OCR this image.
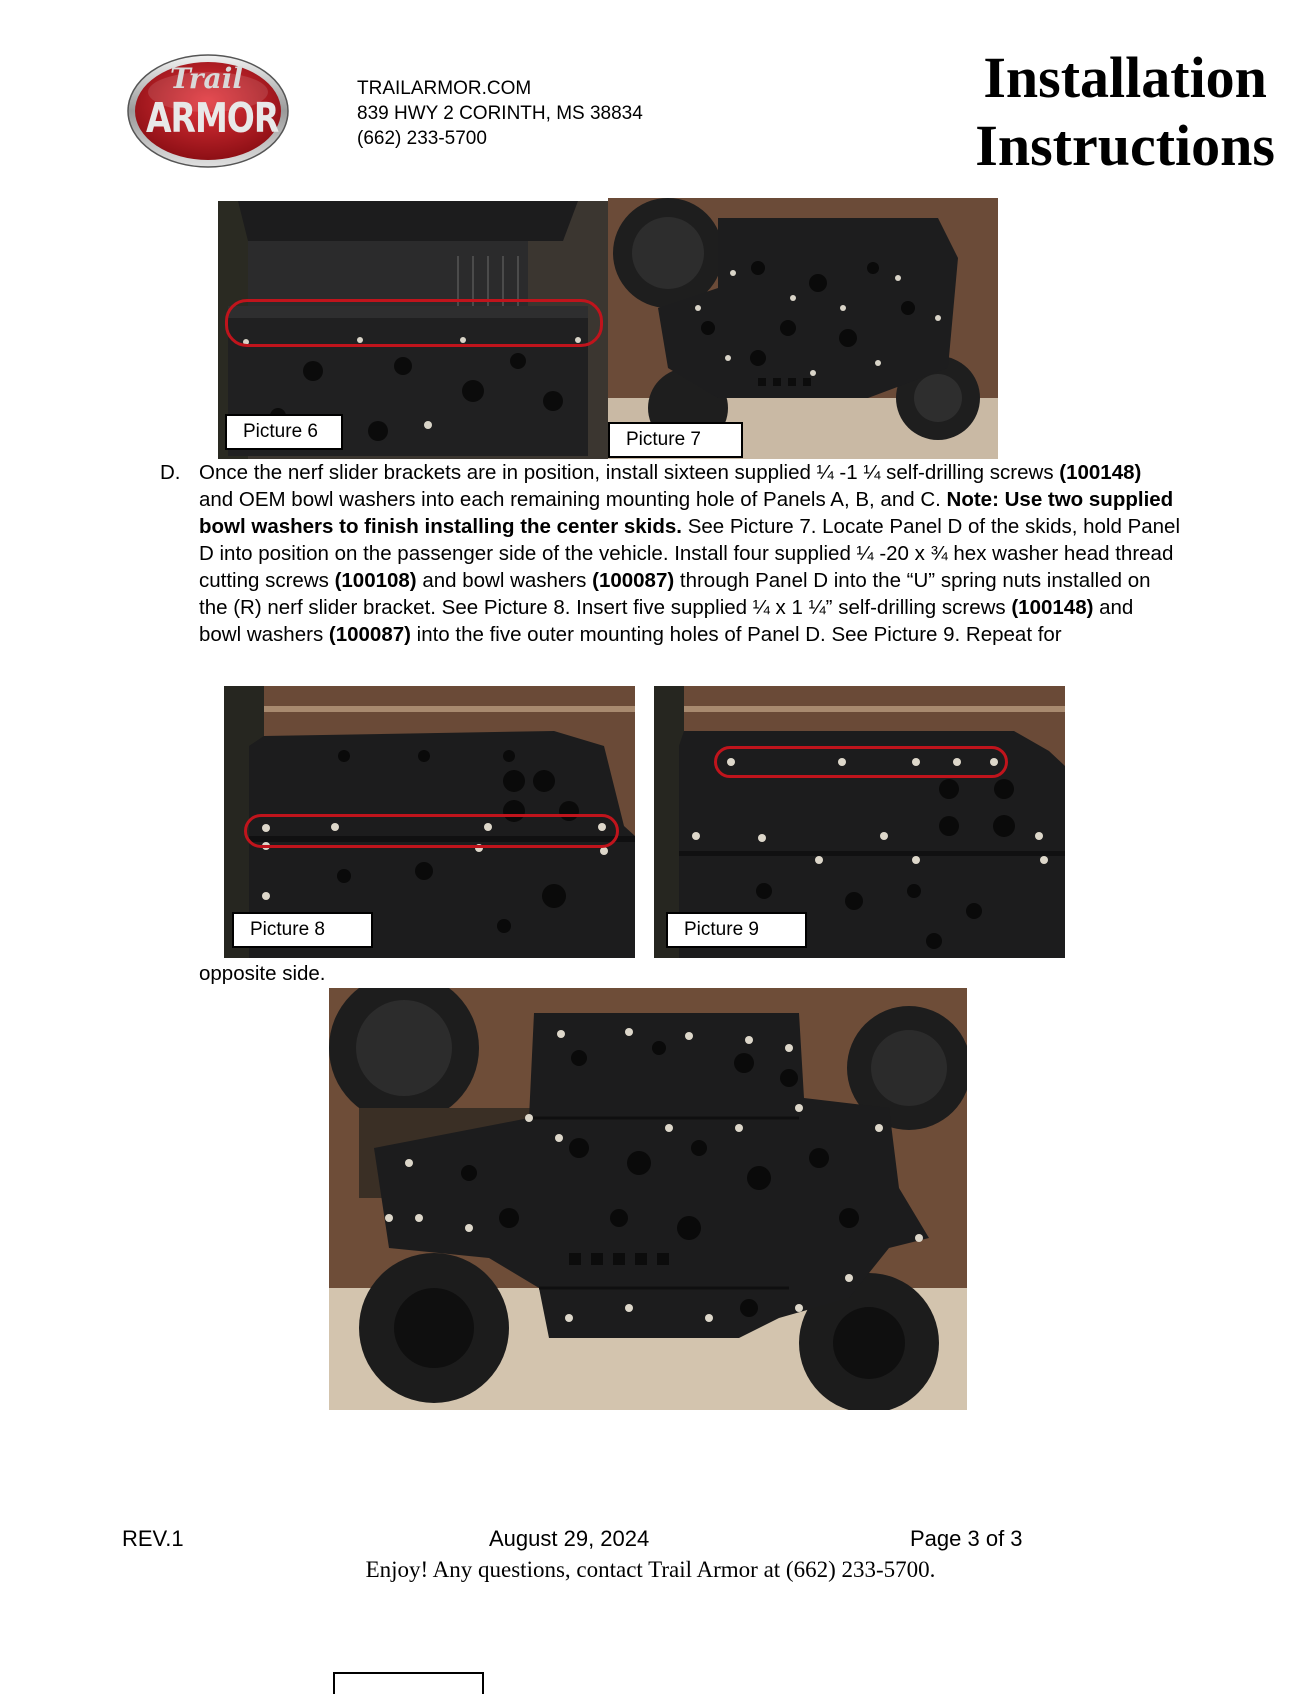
Trail
ARMOR
TRAILARMOR.COM
839 HWY 2 CORINTH, MS 38834
(662) 233-5700
Installation
Instructions
Picture 6	Picture 7
D. Once the nerf slider brackets are in position, install sixteen supplied ¼ -1 ¼ self-drilling screws (100148) and OEM bowl washers into each remaining mounting hole of Panels A, B, and C. Note: Use two supplied bowl washers to finish installing the center skids. See Picture 7. Locate Panel D of the skids, hold Panel D into position on the passenger side of the vehicle. Install four supplied ¼ -20 x ¾ hex washer head thread cutting screws (100108) and bowl washers (100087) through Panel D into the “U” spring nuts installed on the (R) nerf slider bracket. See Picture 8. Insert five supplied ¼ x 1 ¼” self-drilling screws (100148) and bowl washers (100087) into the five outer mounting holes of Panel D. See Picture 9. Repeat for
Picture 8	Picture 9
opposite side.
REV.1	August 29, 2024	Page 3 of 3
Enjoy! Any questions, contact Trail Armor at (662) 233-5700.
